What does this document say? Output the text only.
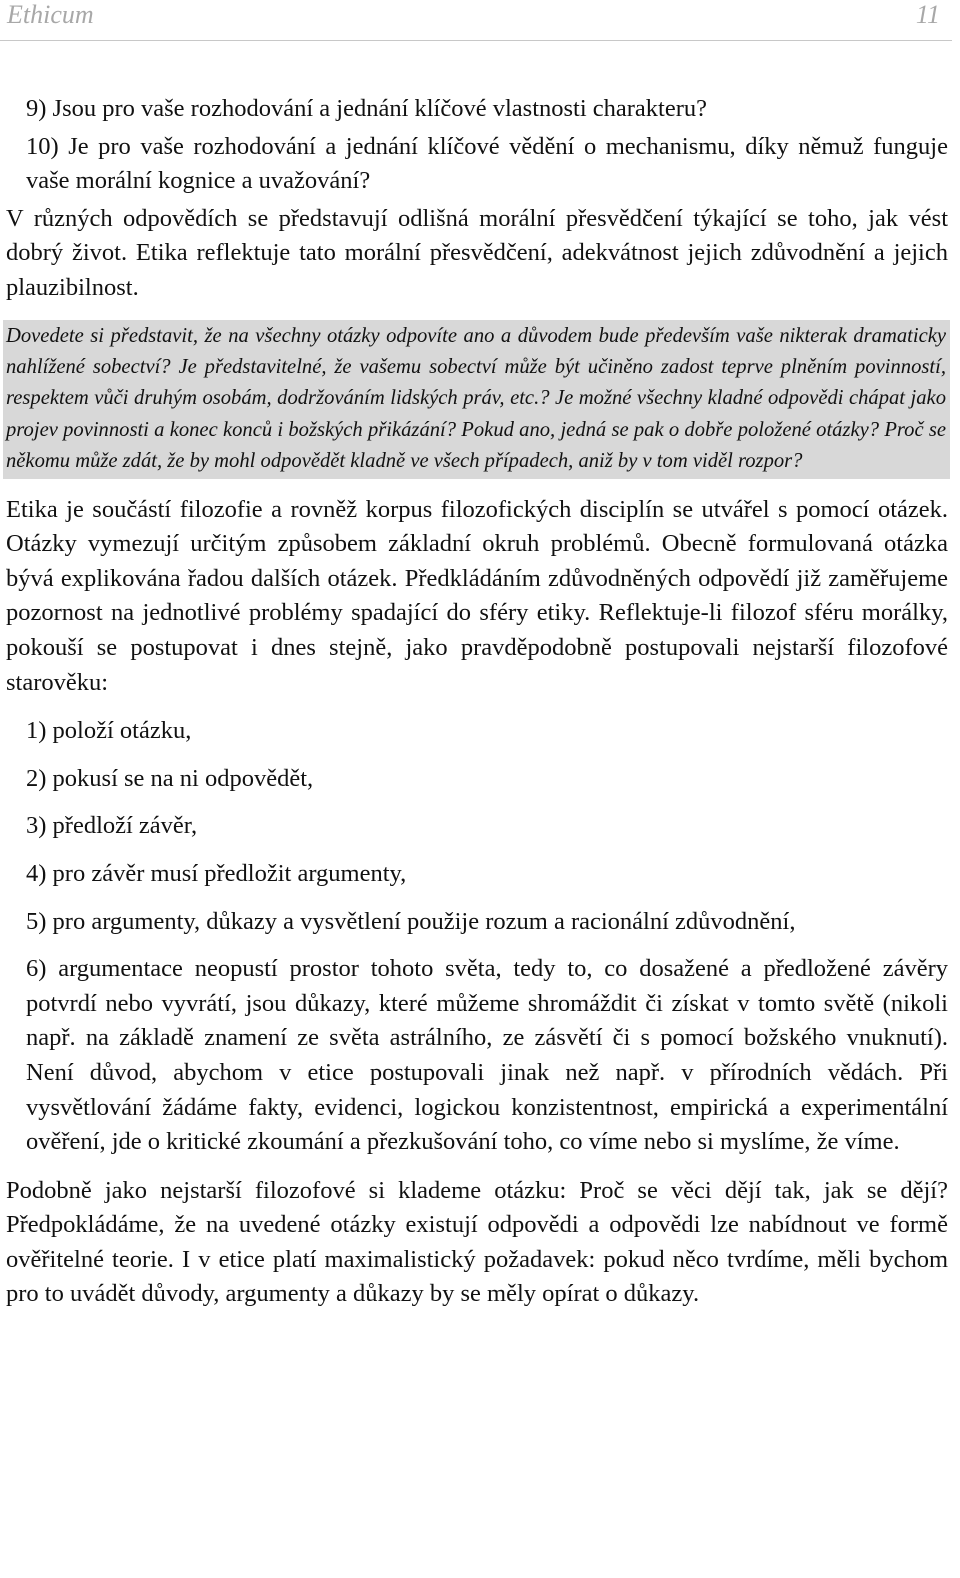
Ethicum	11

9) Jsou pro vaše rozhodování a jednání klíčové vlastnosti charakteru?

10) Je pro vaše rozhodování a jednání klíčové vědění o mechanismu, díky němuž funguje vaše morální kognice a uvažování?

V různých odpovědích se představují odlišná morální přesvědčení týkající se toho, jak vést dobrý život. Etika reflektuje tato morální přesvědčení, adekvátnost jejich zdůvodnění a jejich plauzibilnost.

Dovedete si představit, že na všechny otázky odpovíte ano a důvodem bude především vaše nikterak dramaticky nahlížené sobectví? Je představitelné, že vašemu sobectví může být učiněno zadost teprve plněním povinností, respektem vůči druhým osobám, dodržováním lidských práv, etc.? Je možné všechny kladné odpovědi chápat jako projev povinnosti a konec konců i božských přikázání? Pokud ano, jedná se pak o dobře položené otázky? Proč se někomu může zdát, že by mohl odpovědět kladně ve všech případech, aniž by v tom viděl rozpor?

Etika je součástí filozofie a rovněž korpus filozofických disciplín se utvářel s pomocí otázek. Otázky vymezují určitým způsobem základní okruh problémů. Obecně formulovaná otázka bývá explikována řadou dalších otázek. Předkládáním zdůvodněných odpovědí již zaměřujeme pozornost na jednotlivé problémy spadající do sféry etiky. Reflektuje-li filozof sféru morálky, pokouší se postupovat i dnes stejně, jako pravděpodobně postupovali nejstarší filozofové starověku:

1) položí otázku,

2) pokusí se na ni odpovědět,

3) předloží závěr,

4) pro závěr musí předložit argumenty,

5) pro argumenty, důkazy a vysvětlení použije rozum a racionální zdůvodnění,

6) argumentace neopustí prostor tohoto světa, tedy to, co dosažené a předložené závěry potvrdí nebo vyvrátí, jsou důkazy, které můžeme shromáždit či získat v tomto světě (nikoli např. na základě znamení ze světa astrálního, ze zásvětí či s pomocí božského vnuknutí). Není důvod, abychom v etice postupovali jinak než např. v přírodních vědách. Při vysvětlování žádáme fakty, evidenci, logickou konzistentnost, empirická a experimentální ověření, jde o kritické zkoumání a přezkušování toho, co víme nebo si myslíme, že víme.

Podobně jako nejstarší filozofové si klademe otázku: Proč se věci dějí tak, jak se dějí? Předpokládáme, že na uvedené otázky existují odpovědi a odpovědi lze nabídnout ve formě ověřitelné teorie. I v etice platí maximalistický požadavek: pokud něco tvrdíme, měli bychom pro to uvádět důvody, argumenty a důkazy by se měly opírat o důkazy.
